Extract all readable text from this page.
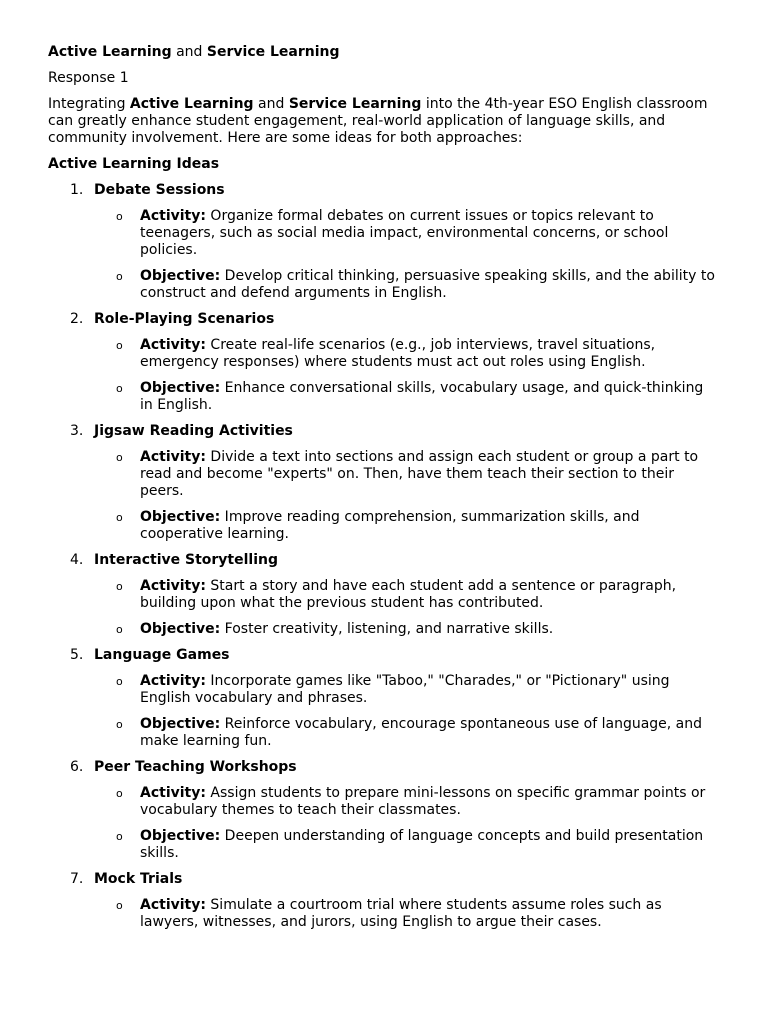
Active Learning and Service Learning
Response 1
Integrating Active Learning and Service Learning into the 4th-year ESO English classroom can greatly enhance student engagement, real-world application of language skills, and community involvement. Here are some ideas for both approaches:
Active Learning Ideas
1. Debate Sessions
o Activity: Organize formal debates on current issues or topics relevant to teenagers, such as social media impact, environmental concerns, or school policies.
o Objective: Develop critical thinking, persuasive speaking skills, and the ability to construct and defend arguments in English.
2. Role-Playing Scenarios
o Activity: Create real-life scenarios (e.g., job interviews, travel situations, emergency responses) where students must act out roles using English.
o Objective: Enhance conversational skills, vocabulary usage, and quick-thinking in English.
3. Jigsaw Reading Activities
o Activity: Divide a text into sections and assign each student or group a part to read and become "experts" on. Then, have them teach their section to their peers.
o Objective: Improve reading comprehension, summarization skills, and cooperative learning.
4. Interactive Storytelling
o Activity: Start a story and have each student add a sentence or paragraph, building upon what the previous student has contributed.
o Objective: Foster creativity, listening, and narrative skills.
5. Language Games
o Activity: Incorporate games like "Taboo," "Charades," or "Pictionary" using English vocabulary and phrases.
o Objective: Reinforce vocabulary, encourage spontaneous use of language, and make learning fun.
6. Peer Teaching Workshops
o Activity: Assign students to prepare mini-lessons on specific grammar points or vocabulary themes to teach their classmates.
o Objective: Deepen understanding of language concepts and build presentation skills.
7. Mock Trials
o Activity: Simulate a courtroom trial where students assume roles such as lawyers, witnesses, and jurors, using English to argue their cases.
